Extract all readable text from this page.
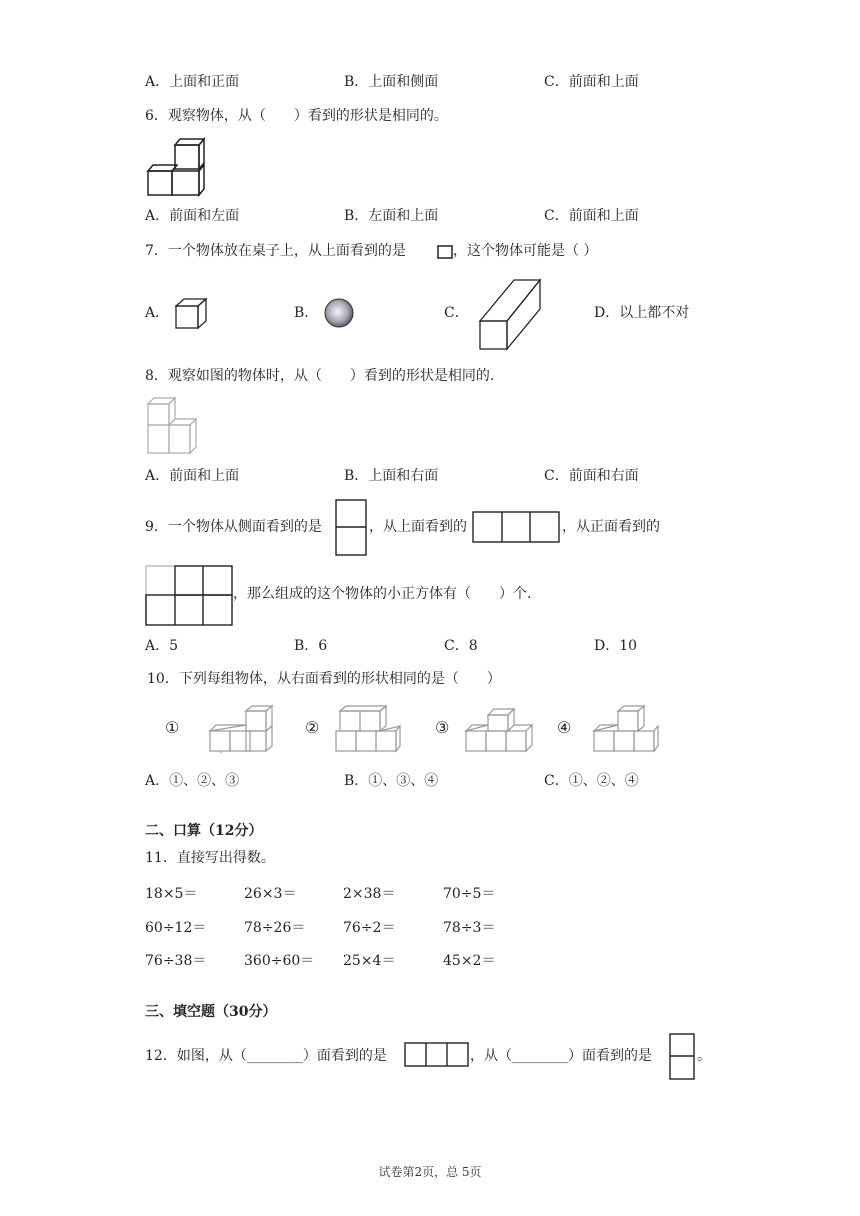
A．上面和正面	B．上面和侧面	C．前面和上面
6．观察物体，从（　　）看到的形状是相同的。
A．前面和左面	B．左面和上面	C．前面和上面
7．一个物体放在桌子上，从上面看到的是	，这个物体可能是（ ）
A．	B．	C．	D．以上都不对
8．观察如图的物体时，从（　　）看到的形状是相同的．
A．前面和上面	B．上面和右面	C．前面和右面
9．一个物体从侧面看到的是	，从上面看到的	，从正面看到的
，那么组成的这个物体的小正方体有（　　）个.
A．5	B．6	C．8	D．10
10．下列每组物体，从右面看到的形状相同的是（　　）
①	②	③	④
A．①、②、③	B．①、③、④	C．①、②、④
二、口算（12分）
11．直接写出得数。
18×5＝	26×3＝	2×38＝	70÷5＝
60÷12＝	78÷26＝	76÷2＝	78÷3＝
76÷38＝	360÷60＝ 25×4＝	45×2＝
三、填空题（30分）
12．如图，从（________）面看到的是	，从（________）面看到的是	。
试卷第2页，总 5页
